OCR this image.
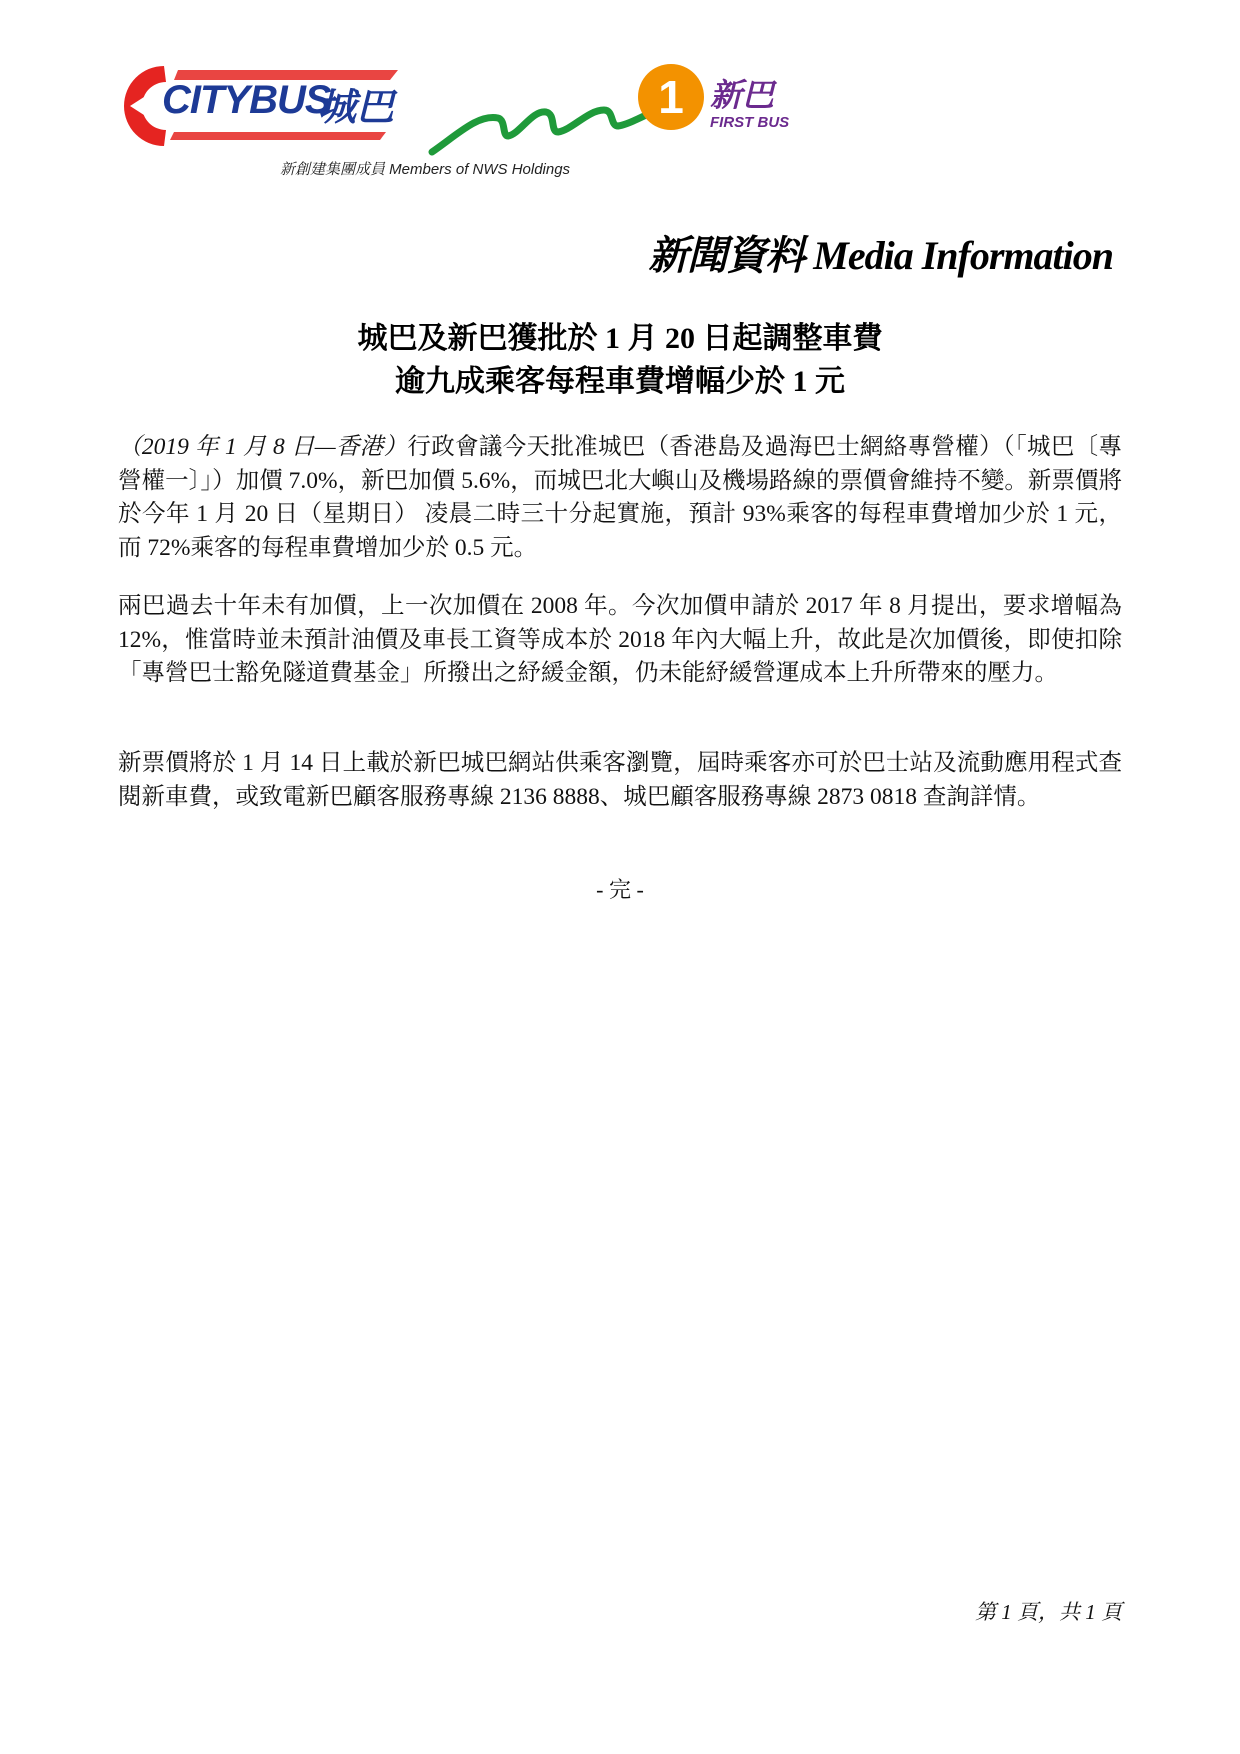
CITYBUS
城巴	1 新巴
FIRST BUS
新創建集團成員 Members of NWS Holdings
新聞資料 Media Information
城巴及新巴獲批於 1 月 20 日起調整車費
逾九成乘客每程車費增幅少於 1 元

（2019 年 1 月 8 日—香港）行政會議今天批准城巴（香港島及過海巴士網絡專營權）（「城巴〔專營權一〕」）加價 7.0%，新巴加價 5.6%，而城巴北大嶼山及機場路線的票價會維持不變。新票價將於今年 1 月 20 日（星期日） 凌晨二時三十分起實施，預計 93%乘客的每程車費增加少於 1 元， 而 72%乘客的每程車費增加少於 0.5 元。

兩巴過去十年未有加價，上一次加價在 2008 年。今次加價申請於 2017 年 8 月提出，要求增幅為 12%，惟當時並未預計油價及車長工資等成本於 2018 年內大幅上升，故此是次加價後，即使扣除「專營巴士豁免隧道費基金」所撥出之紓緩金額，仍未能紓緩營運成本上升所帶來的壓力。

新票價將於 1 月 14 日上載於新巴城巴網站供乘客瀏覽，屆時乘客亦可於巴士站及流動應用程式查閱新車費，或致電新巴顧客服務專線 2136 8888、城巴顧客服務專線 2873 0818 查詢詳情。

- 完 -
第 1 頁，共 1 頁
